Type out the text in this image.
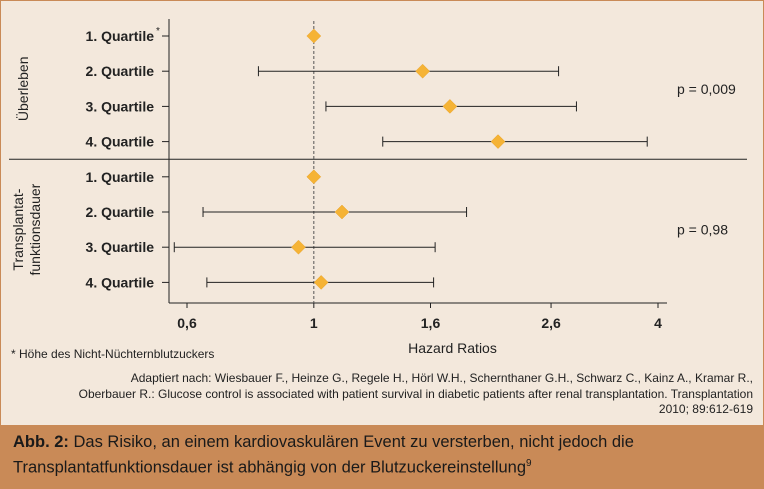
0,6	1	1,6	2,6	4
Hazard Ratios
1. Quartile *
2. Quartile
3. Quartile
4. Quartile
p = 0,009
Überleben
1. Quartile
2. Quartile
3. Quartile
4. Quartile
p = 0,98
Transplantat-funktionsdauer
* Höhe des Nicht-Nüchternblutzuckers
Adaptiert nach: Wiesbauer F., Heinze G., Regele H., Hörl W.H., Schernthaner G.H., Schwarz C., Kainz A., Kramar R., Oberbauer R.: Glucose control is associated with patient survival in diabetic patients after renal transplantation. Transplantation 2010; 89:612-619
Abb. 2: Das Risiko, an einem kardiovaskulären Event zu versterben, nicht jedoch die Transplantatfunktionsdauer ist abhängig von der Blutzuckereinstellung$^9$
